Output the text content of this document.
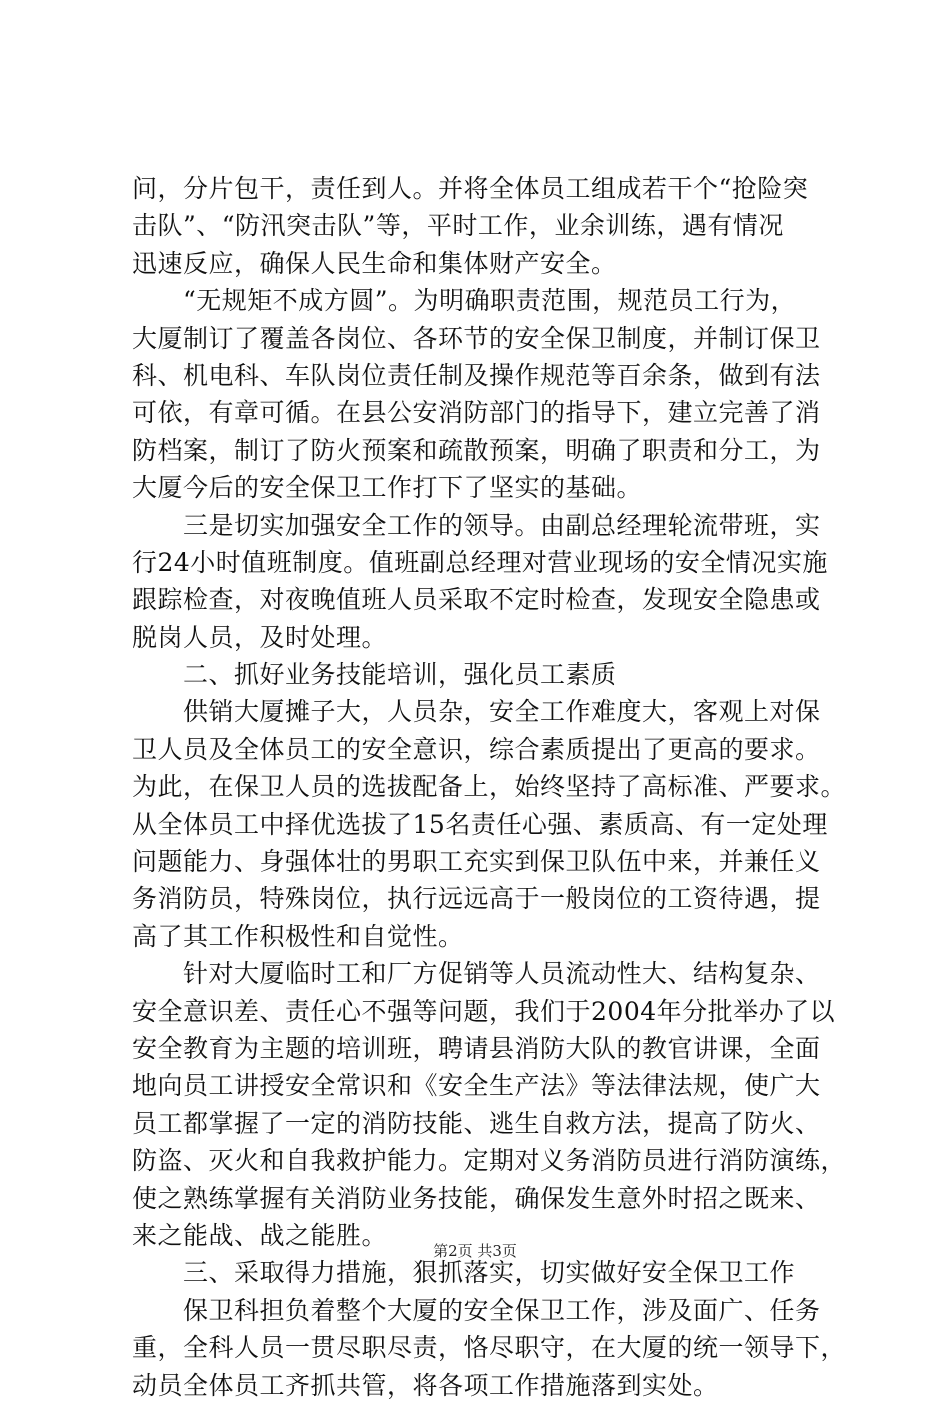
问，分片包干，责任到人。并将全体员工组成若干个“抢险突
击队”、“防汛突击队”等，平时工作，业余训练，遇有情况
迅速反应，确保人民生命和集体财产安全。
　　“无规矩不成方圆”。为明确职责范围，规范员工行为，
大厦制订了覆盖各岗位、各环节的安全保卫制度，并制订保卫
科、机电科、车队岗位责任制及操作规范等百余条，做到有法
可依，有章可循。在县公安消防部门的指导下，建立完善了消
防档案，制订了防火预案和疏散预案，明确了职责和分工，为
大厦今后的安全保卫工作打下了坚实的基础。
　　三是切实加强安全工作的领导。由副总经理轮流带班，实
行24小时值班制度。值班副总经理对营业现场的安全情况实施
跟踪检查，对夜晚值班人员采取不定时检查，发现安全隐患或
脱岗人员，及时处理。
　　二、抓好业务技能培训，强化员工素质
　　供销大厦摊子大，人员杂，安全工作难度大，客观上对保
卫人员及全体员工的安全意识，综合素质提出了更高的要求。
为此，在保卫人员的选拔配备上，始终坚持了高标准、严要求。
从全体员工中择优选拔了15名责任心强、素质高、有一定处理
问题能力、身强体壮的男职工充实到保卫队伍中来，并兼任义
务消防员，特殊岗位，执行远远高于一般岗位的工资待遇，提
高了其工作积极性和自觉性。
　　针对大厦临时工和厂方促销等人员流动性大、结构复杂、
安全意识差、责任心不强等问题，我们于2004年分批举办了以
安全教育为主题的培训班，聘请县消防大队的教官讲课，全面
地向员工讲授安全常识和《安全生产法》等法律法规，使广大
员工都掌握了一定的消防技能、逃生自救方法，提高了防火、
防盗、灭火和自我救护能力。定期对义务消防员进行消防演练，
使之熟练掌握有关消防业务技能，确保发生意外时招之既来、
来之能战、战之能胜。
　　三、采取得力措施，狠抓落实，切实做好安全保卫工作
　　保卫科担负着整个大厦的安全保卫工作，涉及面广、任务
重，全科人员一贯尽职尽责，恪尽职守，在大厦的统一领导下，
动员全体员工齐抓共管，将各项工作措施落到实处。
第2页 共3页
